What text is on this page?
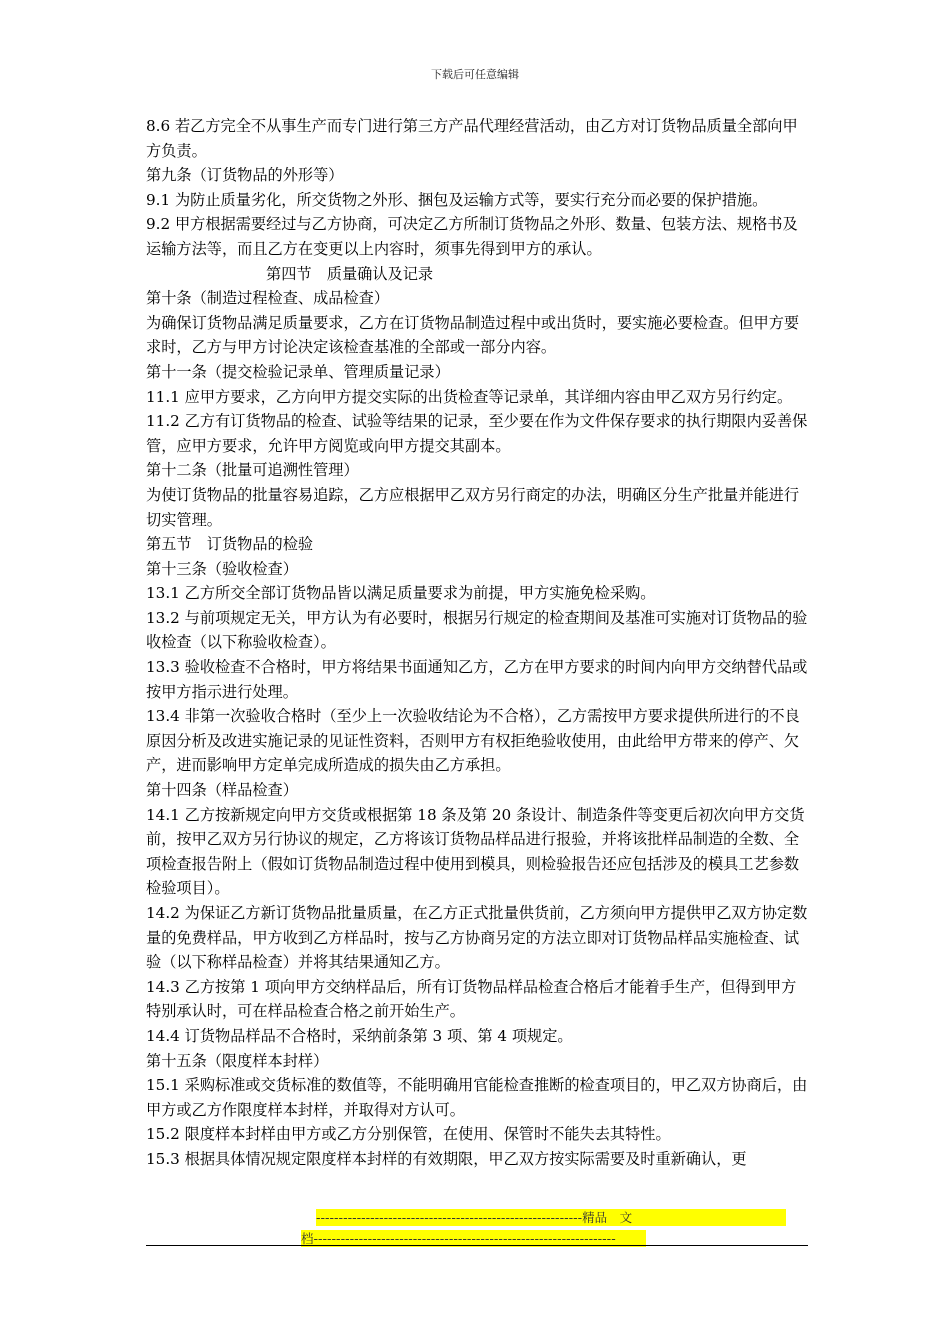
下载后可任意编辑

8.6 若乙方完全不从事生产而专门进行第三方产品代理经营活动，由乙方对订货物品质量全部向甲方负责。

第九条（订货物品的外形等）

9.1 为防止质量劣化，所交货物之外形、捆包及运输方式等，要实行充分而必要的保护措施。

9.2 甲方根据需要经过与乙方协商，可决定乙方所制订货物品之外形、数量、包装方法、规格书及运输方法等，而且乙方在变更以上内容时，须事先得到甲方的承认。

第四节　质量确认及记录

第十条（制造过程检查、成品检查）

为确保订货物品满足质量要求，乙方在订货物品制造过程中或出货时，要实施必要检查。但甲方要求时，乙方与甲方讨论决定该检查基准的全部或一部分内容。

第十一条（提交检验记录单、管理质量记录）

11.1 应甲方要求，乙方向甲方提交实际的出货检查等记录单，其详细内容由甲乙双方另行约定。

11.2 乙方有订货物品的检查、试验等结果的记录，至少要在作为文件保存要求的执行期限内妥善保管，应甲方要求，允许甲方阅览或向甲方提交其副本。

第十二条（批量可追溯性管理）

为使订货物品的批量容易追踪，乙方应根据甲乙双方另行商定的办法，明确区分生产批量并能进行切实管理。

第五节　订货物品的检验

第十三条（验收检查）

13.1 乙方所交全部订货物品皆以满足质量要求为前提，甲方实施免检采购。

13.2 与前项规定无关，甲方认为有必要时，根据另行规定的检查期间及基准可实施对订货物品的验收检查（以下称验收检查）。

13.3 验收检查不合格时，甲方将结果书面通知乙方，乙方在甲方要求的时间内向甲方交纳替代品或按甲方指示进行处理。

13.4 非第一次验收合格时（至少上一次验收结论为不合格），乙方需按甲方要求提供所进行的不良原因分析及改进实施记录的见证性资料，否则甲方有权拒绝验收使用，由此给甲方带来的停产、欠产，进而影响甲方定单完成所造成的损失由乙方承担。

第十四条（样品检查）

14.1 乙方按新规定向甲方交货或根据第 18 条及第 20 条设计、制造条件等变更后初次向甲方交货前，按甲乙双方另行协议的规定，乙方将该订货物品样品进行报验，并将该批样品制造的全数、全项检查报告附上（假如订货物品制造过程中使用到模具，则检验报告还应包括涉及的模具工艺参数检验项目）。

14.2 为保证乙方新订货物品批量质量，在乙方正式批量供货前，乙方须向甲方提供甲乙双方协定数量的免费样品，甲方收到乙方样品时，按与乙方协商另定的方法立即对订货物品样品实施检查、试验（以下称样品检查）并将其结果通知乙方。

14.3 乙方按第 1 项向甲方交纳样品后，所有订货物品样品检查合格后才能着手生产，但得到甲方特别承认时，可在样品检查合格之前开始生产。

14.4 订货物品样品不合格时，采纳前条第 3 项、第 4 项规定。

第十五条（限度样本封样）

15.1 采购标准或交货标准的数值等，不能明确用官能检查推断的检查项目的，甲乙双方协商后，由甲方或乙方作限度样本封样，并取得对方认可。

15.2 限度样本封样由甲方或乙方分别保管，在使用、保管时不能失去其特性。

15.3 根据具体情况规定限度样本封样的有效期限，甲乙双方按实际需要及时重新确认，更

-----------------------------------------------------------精品　文
档-------------------------------------------------------------------
